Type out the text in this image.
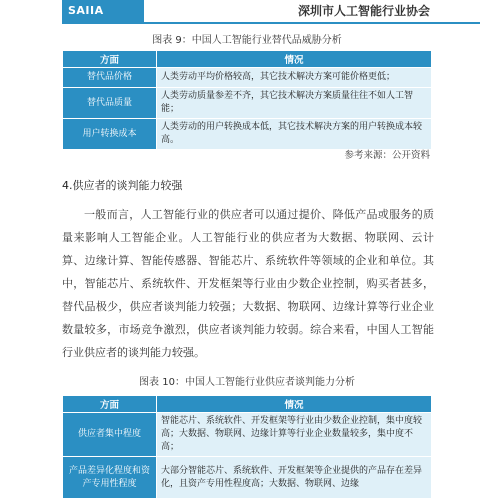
SAIIA	深圳市人工智能行业协会
图表 9：中国人工智能行业替代品威胁分析
方面	情况
替代品价格	人类劳动平均价格较高，其它技术解决方案可能价格更低；
替代品质量	人类劳动质量参差不齐，其它技术解决方案质量往往不如人工智能；
用户转换成本	人类劳动的用户转换成本低，其它技术解决方案的用户转换成本较高。
参考来源：公开资料
4.供应者的谈判能力较强
一般而言，人工智能行业的供应者可以通过提价、降低产品或服务的质量来影响人工智能企业。人工智能行业的供应者为大数据、物联网、云计算、边缘计算、智能传感器、智能芯片、系统软件等领域的企业和单位。其中，智能芯片、系统软件、开发框架等行业由少数企业控制，购买者甚多，替代品极少，供应者谈判能力较强；大数据、物联网、边缘计算等行业企业数量较多，市场竞争激烈，供应者谈判能力较弱。综合来看，中国人工智能行业供应者的谈判能力较强。
图表 10：中国人工智能行业供应者谈判能力分析
方面	情况
供应者集中程度	智能芯片、系统软件、开发框架等行业由少数企业控制，集中度较高；大数据、物联网、边缘计算等行业企业数量较多，集中度不高；
产品差异化程度和资产专用性程度	大部分智能芯片、系统软件、开发框架等企业提供的产品存在差异化，且资产专用性程度高；大数据、物联网、边缘
